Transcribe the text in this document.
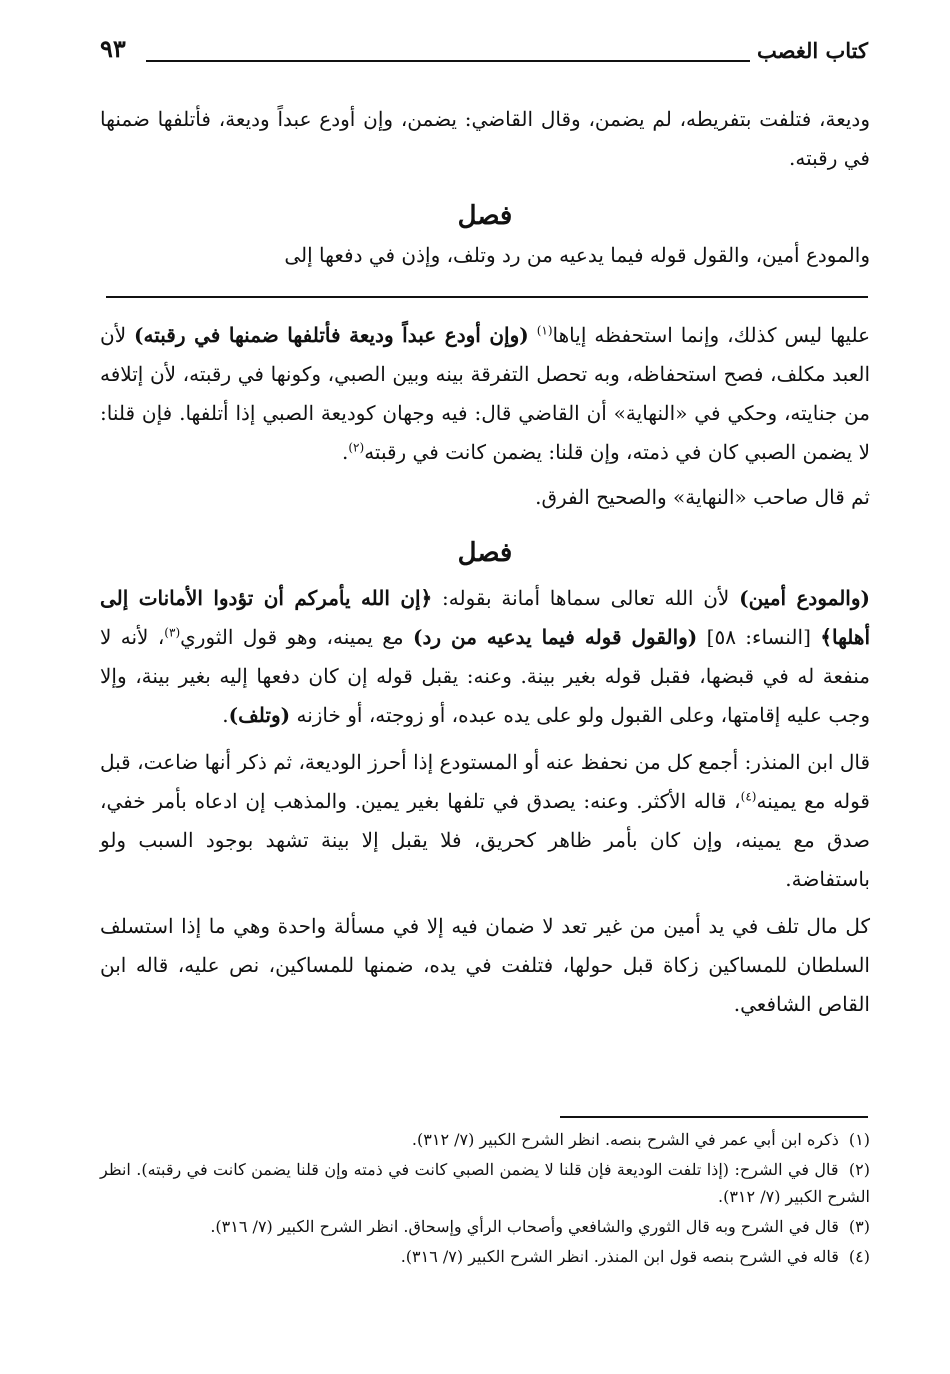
كتاب الغصب
٩٣

وديعة، فتلفت بتفريطه، لم يضمن، وقال القاضي: يضمن، وإن أودع عبداً وديعة، فأتلفها ضمنها في رقبته.

فصل

والمودع أمين، والقول قوله فيما يدعيه من رد وتلف، وإذن في دفعها إلى

عليها ليس كذلك، وإنما استحفظه إياها$^{(١)}$ (وإن أودع عبداً وديعة فأتلفها ضمنها في رقبته) لأن العبد مكلف، فصح استحفاظه، وبه تحصل التفرقة بينه وبين الصبي، وكونها في رقبته، لأن إتلافه من جنايته، وحكي في «النهاية» أن القاضي قال: فيه وجهان كوديعة الصبي إذا أتلفها. فإن قلنا: لا يضمن الصبي كان في ذمته، وإن قلنا: يضمن كانت في رقبته$^{(٢)}$.

ثم قال صاحب «النهاية» والصحيح الفرق.

فصل

(والمودع أمين) لأن الله تعالى سماها أمانة بقوله: ﴿إن الله يأمركم أن تؤدوا الأمانات إلى أهلها﴾ [النساء: ٥٨] (والقول قوله فيما يدعيه من رد) مع يمينه، وهو قول الثوري$^{(٣)}$، لأنه لا منفعة له في قبضها، فقبل قوله بغير بينة. وعنه: يقبل قوله إن كان دفعها إليه بغير بينة، وإلا وجب عليه إقامتها، وعلى القبول ولو على يده عبده، أو زوجته، أو خازنه (وتلف).

قال ابن المنذر: أجمع كل من نحفظ عنه أو المستودع إذا أحرز الوديعة، ثم ذكر أنها ضاعت، قبل قوله مع يمينه$^{(٤)}$، قاله الأكثر. وعنه: يصدق في تلفها بغير يمين. والمذهب إن ادعاه بأمر خفي، صدق مع يمينه، وإن كان بأمر ظاهر كحريق، فلا يقبل إلا بينة تشهد بوجود السبب ولو باستفاضة.

كل مال تلف في يد أمين من غير تعد لا ضمان فيه إلا في مسألة واحدة وهي ما إذا استسلف السلطان للمساكين زكاة قبل حولها، فتلفت في يده، ضمنها للمساكين، نص عليه، قاله ابن القاص الشافعي.

(١) ذكره ابن أبي عمر في الشرح بنصه. انظر الشرح الكبير (٧/ ٣١٢).

(٢) قال في الشرح: (إذا تلفت الوديعة فإن قلنا لا يضمن الصبي كانت في ذمته وإن قلنا يضمن كانت في رقبته). انظر الشرح الكبير (٧/ ٣١٢).

(٣) قال في الشرح وبه قال الثوري والشافعي وأصحاب الرأي وإسحاق. انظر الشرح الكبير (٧/ ٣١٦).

(٤) قاله في الشرح بنصه قول ابن المنذر. انظر الشرح الكبير (٧/ ٣١٦).
